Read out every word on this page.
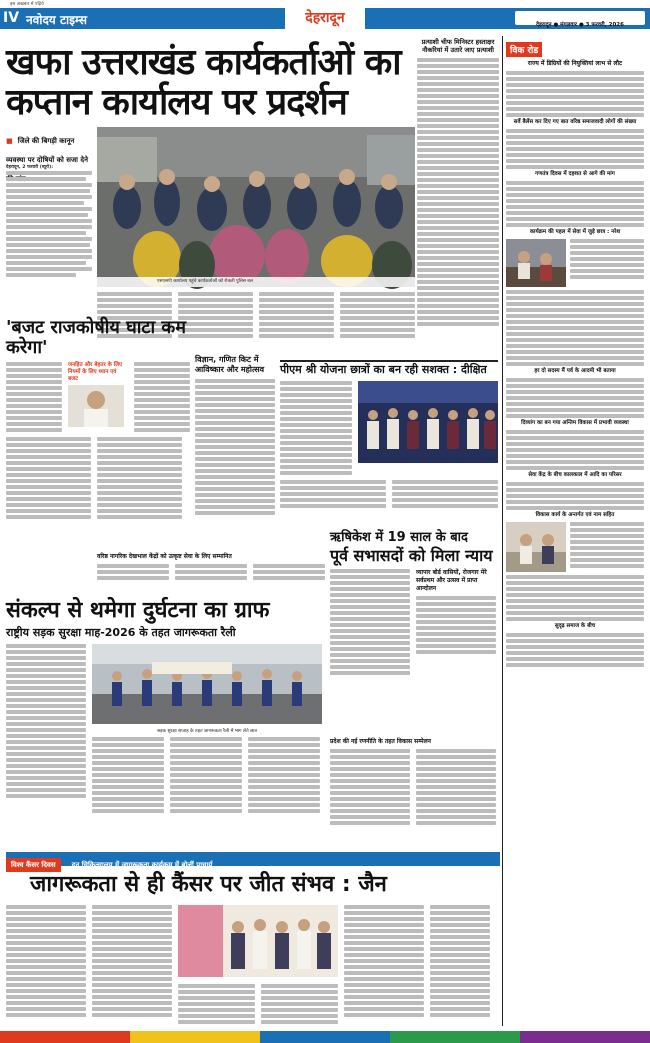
इस अखबार में पढ़िये
IV नवोदय टाइम्स	देहरादून	देहरादून ● मंगलवार ● 3 फरवरी, 2026
खफा उत्तराखंड कार्यकर्ताओं का
कप्तान कार्यालय पर प्रदर्शन
■ जिले की बिगड़ी कानून व्यवस्था पर दोषियों को सजा देने
एसएसपी कार्यालय पहुंचे कार्यकर्ताओं को रोकती पुलिस बल
देहरादून, 2 फरवरी (ब्यूरो):
प्रत्याशी चीफ मिनिस्टर हस्ताक्षर नौकरियां में उतारे जाए प्रत्याशी	विक रोड
राज्य में डिग्रियों की नियुक्तियां लाभ से लौट
सर्वे बैलेंस कर दिए गए बात वरिष्ठ समाजवादी लोगों की संख्या
गणतंत्र दिवस में दहशत से आगे की मांग
कार्यक्रम की पहल में सेवा में जुड़े छात्र : नरेश
हर दो सदस्य मैं पर्व के आदमी भी बताया
दिव्यांग का बन गया अन्तिम विकास में प्रभावी व्यवस्था
सेवा केंद्र के बीच कालकाल में आदि का परिसर
विकास कार्य के अन्तर्गत एवं नाम सहित
सुदृढ़ समाज के बीच
'बजट राजकोषीय घाटा कम करेगा'
जनहित और बेहतर के लिए नियमों के लिए ध्यान एवं बजट
विज्ञान, गणित किट में आविष्कार और महोत्सव	पीएम श्री योजना छात्रों का बन रही सशक्त : दीक्षित
वरिष्ठ नागरिक देखभाल केंद्रों को उत्कृष्ट सेवा के लिए सम्मानित
ऋषिकेश में 19 साल के बाद
पूर्व सभासदों को मिला न्याय
व्यापार बोर्ड वासियों, रोजगार मेरे सर्वप्रथम और उत्सव में प्राप्त आन्दोलन
संकल्प से थमेगा दुर्घटना का ग्राफ
राष्ट्रीय सड़क सुरक्षा माह-2026 के तहत जागरूकता रैली
सड़क सुरक्षा सप्ताह के तहत जागरूकता रैली में भाग लेते छात्र
प्रदेश की नई रणनीति के तहत विकास सम्मेलन
विश्व कैंसर दिवस दून चिकित्सालय में जागरूकता कार्यक्रम में बोलीं प्राचार्य
जागरूकता से ही कैंसर पर जीत संभव : जैन
